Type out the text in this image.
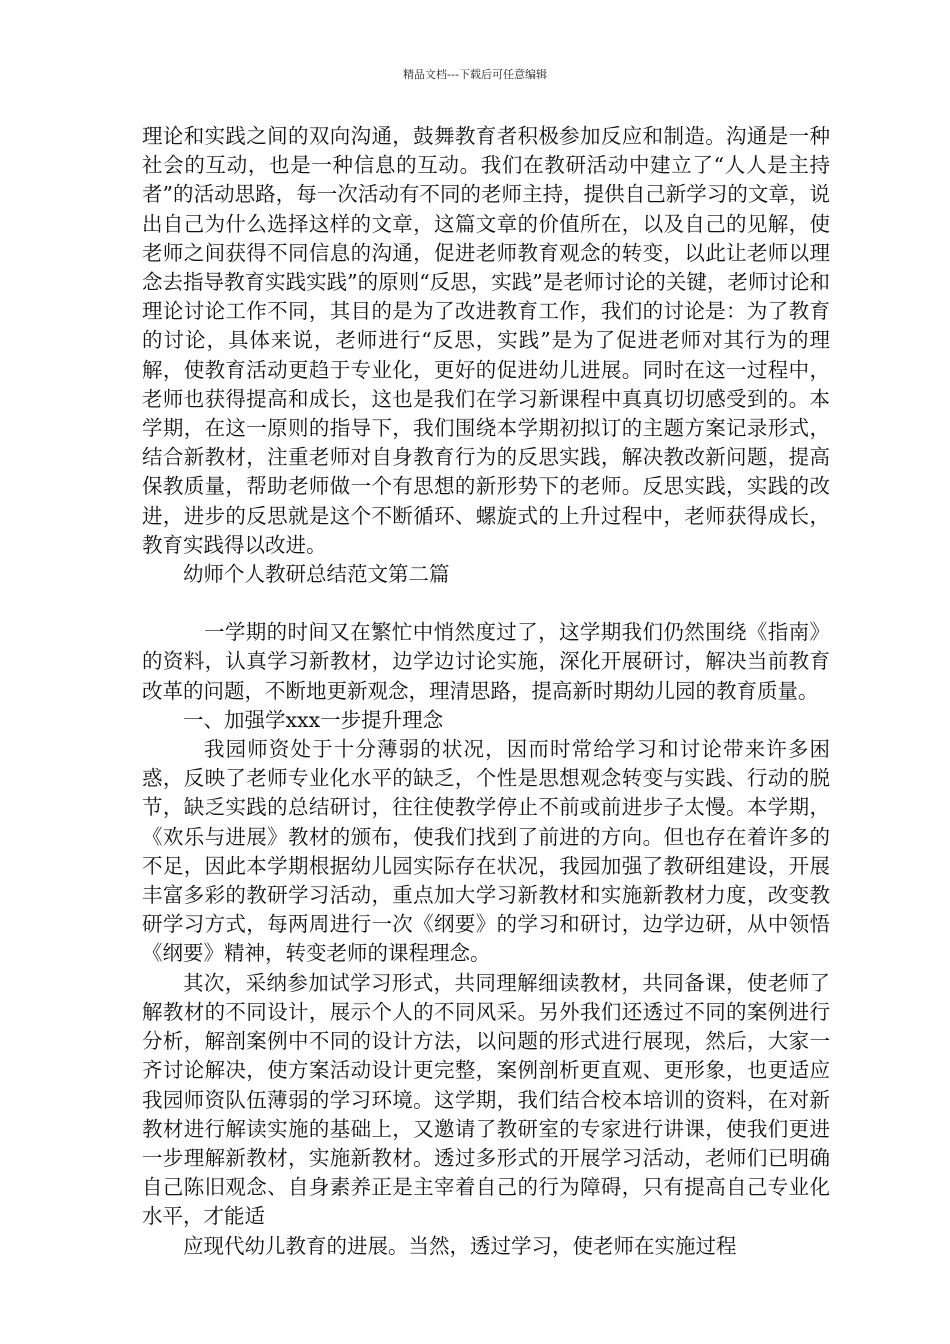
精品文档---下载后可任意编辑

理论和实践之间的双向沟通，鼓舞教育者积极参加反应和制造。沟通是一种社会的互动，也是一种信息的互动。我们在教研活动中建立了“人人是主持者”的活动思路，每一次活动有不同的老师主持，提供自己新学习的文章，说出自己为什么选择这样的文章，这篇文章的价值所在，以及自己的见解，使老师之间获得不同信息的沟通，促进老师教育观念的转变，以此让老师以理念去指导教育实践实践”的原则“反思，实践”是老师讨论的关键，老师讨论和理论讨论工作不同，其目的是为了改进教育工作，我们的讨论是：为了教育的讨论，具体来说，老师进行“反思，实践”是为了促进老师对其行为的理解，使教育活动更趋于专业化，更好的促进幼儿进展。同时在这一过程中，老师也获得提高和成长，这也是我们在学习新课程中真真切切感受到的。本学期，在这一原则的指导下，我们围绕本学期初拟订的主题方案记录形式，结合新教材，注重老师对自身教育行为的反思实践，解决教改新问题，提高保教质量，帮助老师做一个有思想的新形势下的老师。反思实践，实践的改进，进步的反思就是这个不断循环、螺旋式的上升过程中，老师获得成长，教育实践得以改进。

幼师个人教研总结范文第二篇

一学期的时间又在繁忙中悄然度过了，这学期我们仍然围绕《指南》的资料，认真学习新教材，边学边讨论实施，深化开展研讨，解决当前教育改革的问题，不断地更新观念，理清思路，提高新时期幼儿园的教育质量。

一、加强学xxx一步提升理念

我园师资处于十分薄弱的状况，因而时常给学习和讨论带来许多困惑，反映了老师专业化水平的缺乏，个性是思想观念转变与实践、行动的脱节，缺乏实践的总结研讨，往往使教学停止不前或前进步子太慢。本学期，《欢乐与进展》教材的颁布，使我们找到了前进的方向。但也存在着许多的不足，因此本学期根据幼儿园实际存在状况，我园加强了教研组建设，开展丰富多彩的教研学习活动，重点加大学习新教材和实施新教材力度，改变教研学习方式，每两周进行一次《纲要》的学习和研讨，边学边研，从中领悟《纲要》精神，转变老师的课程理念。

其次，采纳参加试学习形式，共同理解细读教材，共同备课，使老师了解教材的不同设计，展示个人的不同风采。另外我们还透过不同的案例进行分析，解剖案例中不同的设计方法，以问题的形式进行展现，然后，大家一齐讨论解决，使方案活动设计更完整，案例剖析更直观、更形象，也更适应我园师资队伍薄弱的学习环境。这学期，我们结合校本培训的资料，在对新教材进行解读实施的基础上，又邀请了教研室的专家进行讲课，使我们更进一步理解新教材，实施新教材。透过多形式的开展学习活动，老师们已明确自己陈旧观念、自身素养正是主宰着自己的行为障碍，只有提高自己专业化水平，才能适

应现代幼儿教育的进展。当然，透过学习，使老师在实施过程
